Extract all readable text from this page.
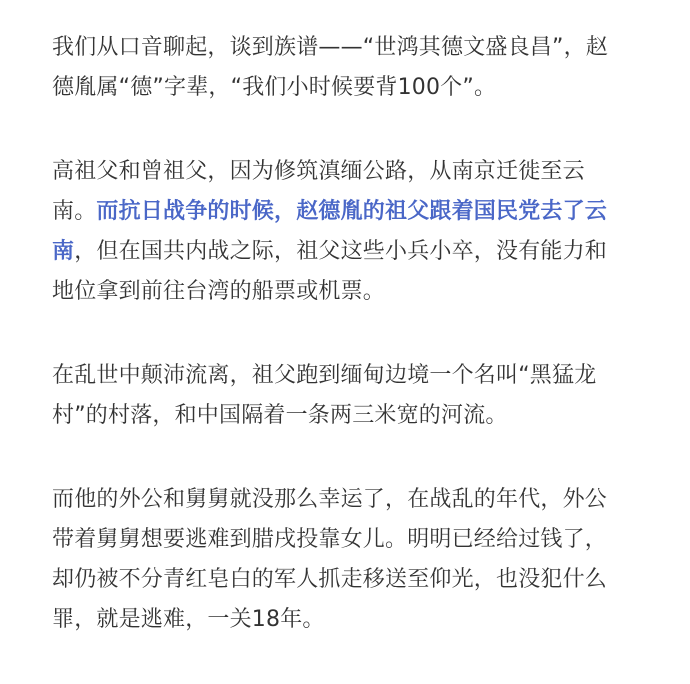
我们从口音聊起，谈到族谱——“世鸿其德文盛良昌”，赵
德胤属“德”字辈，“我们小时候要背100个”。

高祖父和曾祖父，因为修筑滇缅公路，从南京迁徙至云
南。而抗日战争的时候，赵德胤的祖父跟着国民党去了云
南，但在国共内战之际，祖父这些小兵小卒，没有能力和
地位拿到前往台湾的船票或机票。

在乱世中颠沛流离，祖父跑到缅甸边境一个名叫“黑猛龙
村”的村落，和中国隔着一条两三米宽的河流。

而他的外公和舅舅就没那么幸运了，在战乱的年代，外公
带着舅舅想要逃难到腊戌投靠女儿。明明已经给过钱了，
却仍被不分青红皂白的军人抓走移送至仰光，也没犯什么
罪，就是逃难，一关18年。
